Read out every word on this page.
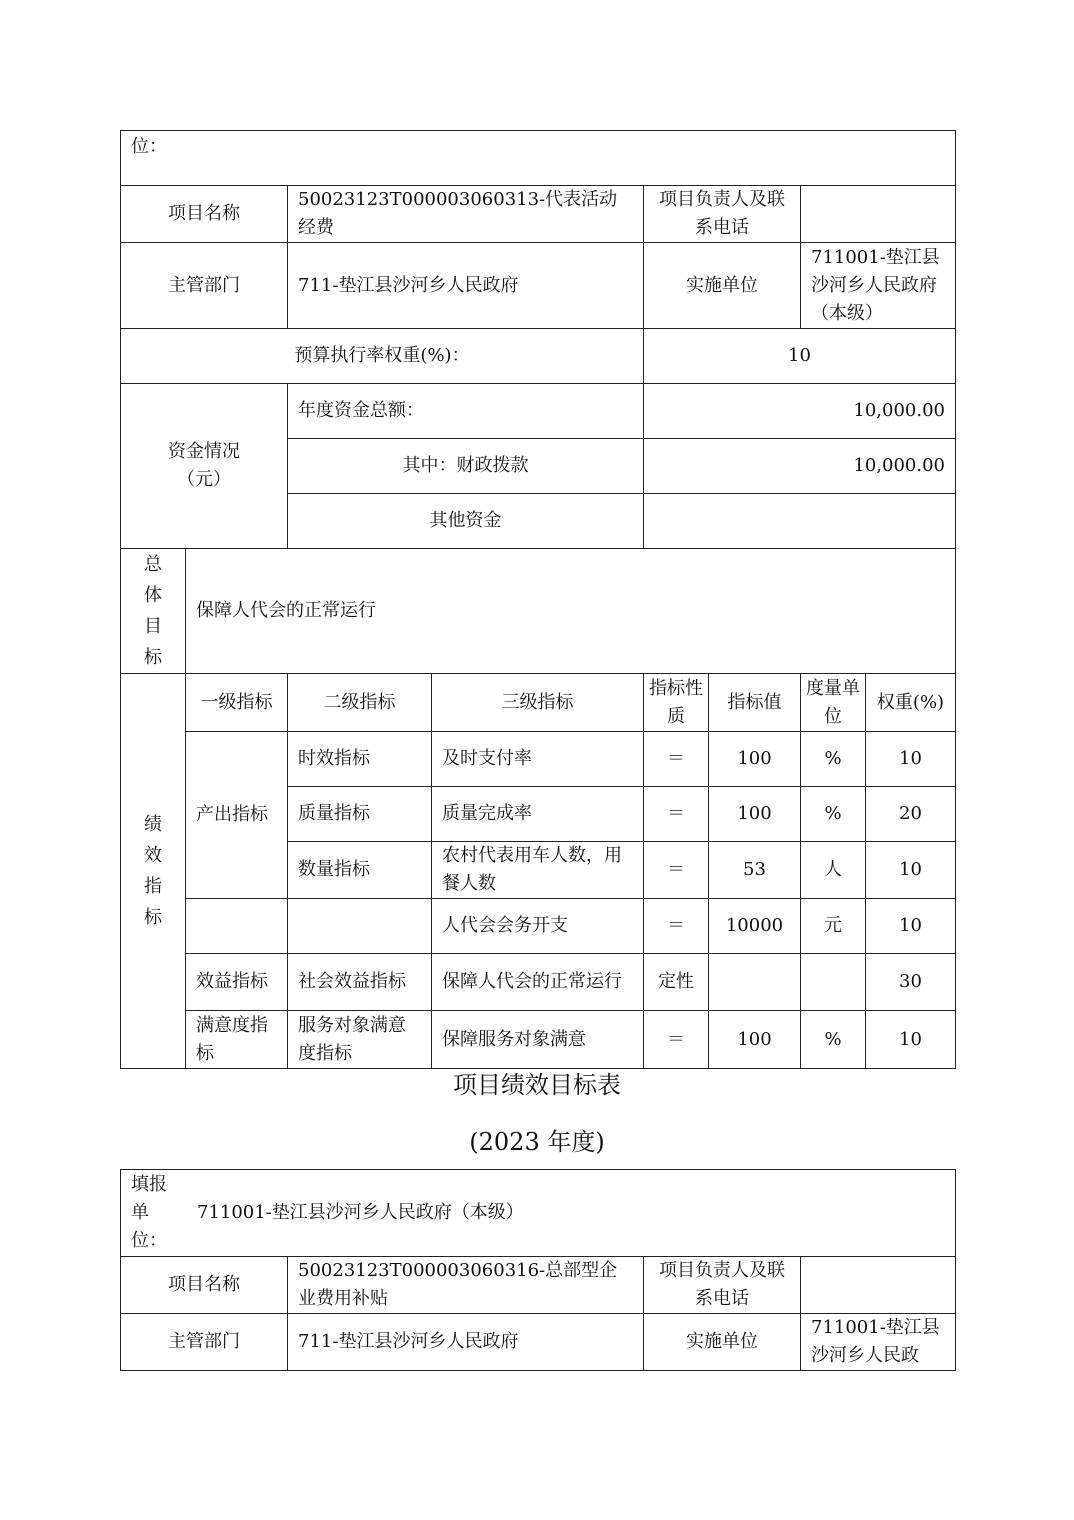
位：							
项目名称		50023123T000003060313-代表活动经费		项目负责人及联系电话			
主管部门		711-垫江县沙河乡人民政府		实施单位		711001-垫江县沙河乡人民政府（本级）	
预算执行率权重(%)：				10			

资金情况（元）		年度资金总额：		10,000.00			
		其中：财政拨款		10,000.00			
		其他资金					

总体目标	保障人代会的正常运行						

绩效指标	一级指标	二级指标	三级指标	指标性质	指标值	度量单位	权重(%)
	产出指标	时效指标	及时支付率	＝	100	%	10
		质量指标	质量完成率	＝	100	%	20
		数量指标	农村代表用车人数，用餐人数	＝	53	人	10
			人代会会务开支	＝	10000	元	10
	效益指标	社会效益指标	保障人代会的正常运行	定性			30
	满意度指标	服务对象满意度指标	保障服务对象满意	＝	100	%	10
项目绩效目标表
(2023 年度)
填报单位：
711001-垫江县沙河乡人民政府（本级）			

项目名称	50023123T000003060316-总部型企业费用补贴	项目负责人及联系电话	
主管部门	711-垫江县沙河乡人民政府	实施单位	711001-垫江县沙河乡人民政
